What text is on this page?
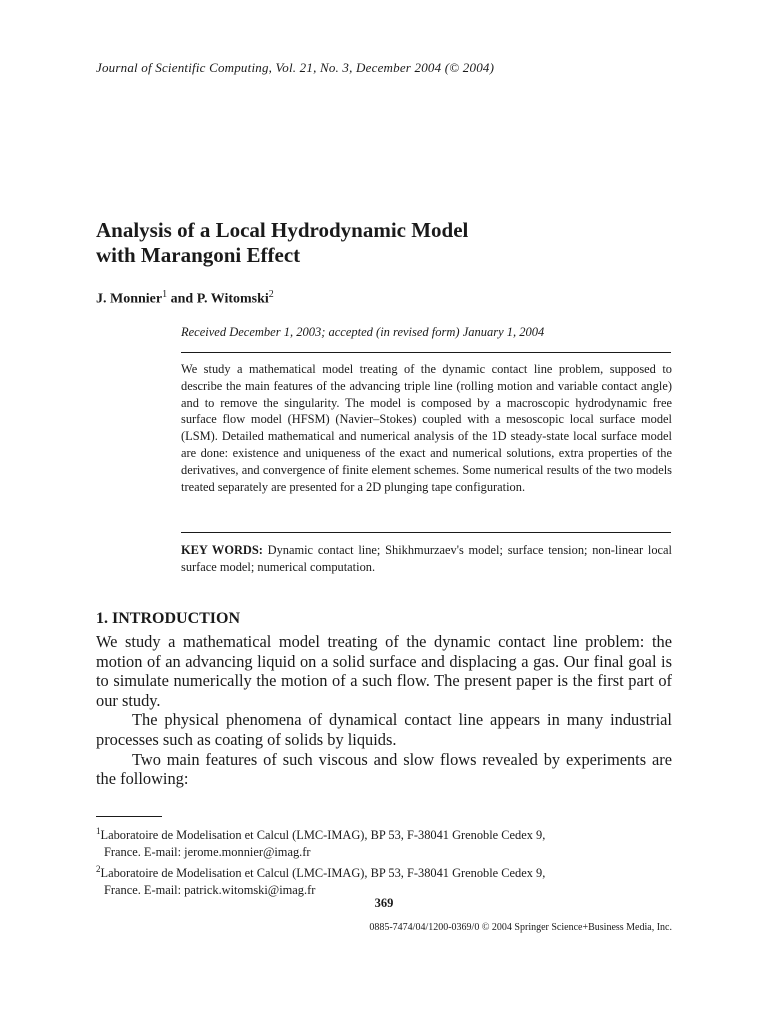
Journal of Scientific Computing, Vol. 21, No. 3, December 2004 (© 2004)
Analysis of a Local Hydrodynamic Model
with Marangoni Effect
J. Monnier$^1$ and P. Witomski$^2$
Received December 1, 2003; accepted (in revised form) January 1, 2004
We study a mathematical model treating of the dynamic contact line problem, supposed to describe the main features of the advancing triple line (rolling motion and variable contact angle) and to remove the singularity. The model is composed by a macroscopic hydrodynamic free surface flow model (HFSM) (Navier–Stokes) coupled with a mesoscopic local surface model (LSM). Detailed mathematical and numerical analysis of the 1D steady-state local surface model are done: existence and uniqueness of the exact and numerical solutions, extra properties of the derivatives, and convergence of finite element schemes. Some numerical results of the two models treated separately are presented for a 2D plunging tape configuration.
KEY WORDS: Dynamic contact line; Shikhmurzaev's model; surface tension; non-linear local surface model; numerical computation.
1. INTRODUCTION

We study a mathematical model treating of the dynamic contact line problem: the motion of an advancing liquid on a solid surface and displacing a gas. Our final goal is to simulate numerically the motion of a such flow. The present paper is the first part of our study.

The physical phenomena of dynamical contact line appears in many industrial processes such as coating of solids by liquids.

Two main features of such viscous and slow flows revealed by experiments are the following:

$^1$Laboratoire de Modelisation et Calcul (LMC-IMAG), BP 53, F-38041 Grenoble Cedex 9,
France. E-mail: jerome.monnier@imag.fr
$^2$Laboratoire de Modelisation et Calcul (LMC-IMAG), BP 53, F-38041 Grenoble Cedex 9,
France. E-mail: patrick.witomski@imag.fr
369
0885-7474/04/1200-0369/0 © 2004 Springer Science+Business Media, Inc.
